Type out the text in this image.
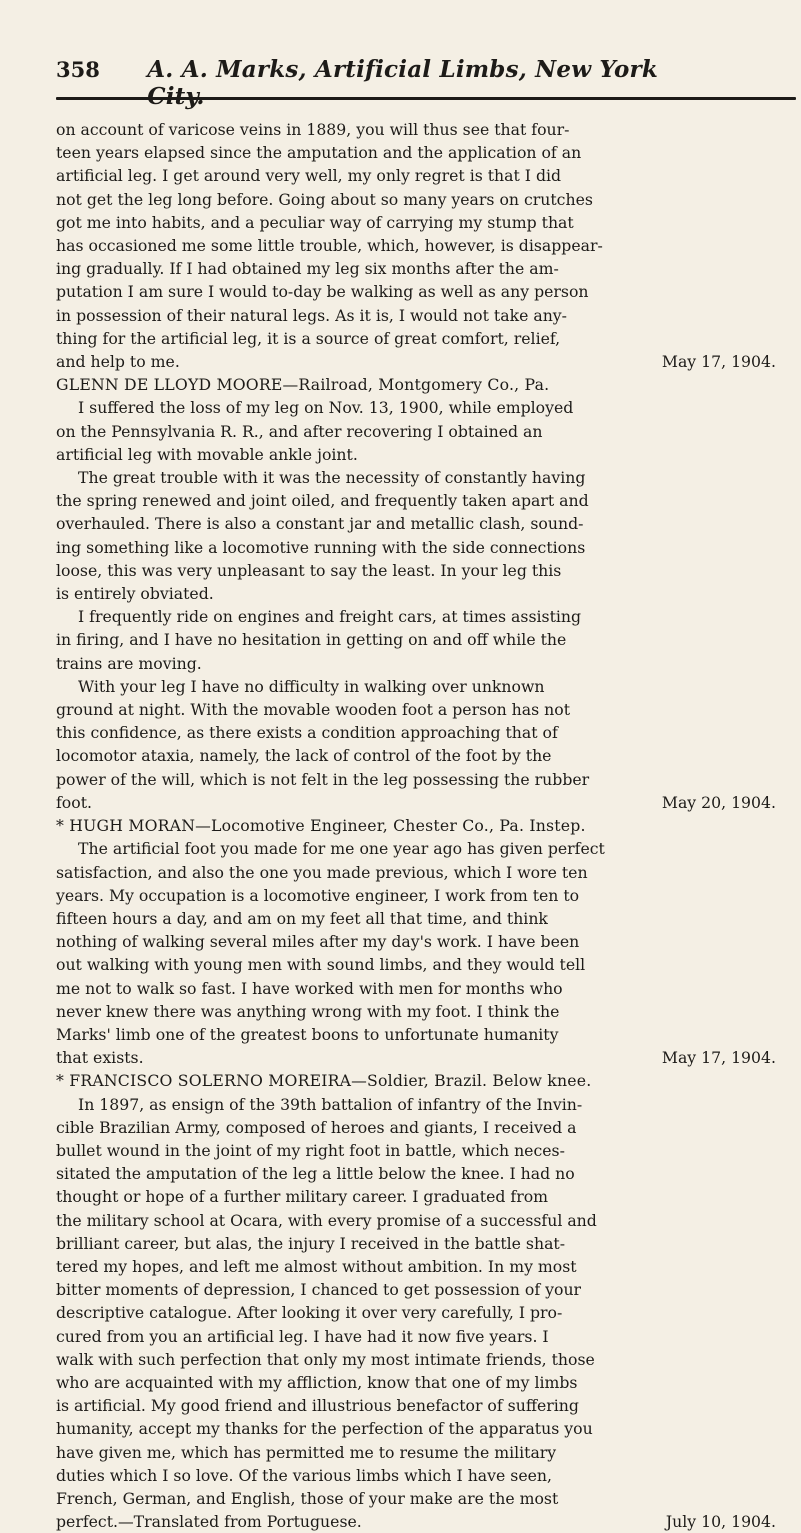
358	A. A. Marks, Artificial Limbs, New York

on account of varicose veins in 1889, you will thus see that four-
teen years elapsed since the amputation and the application of an
artificial leg. I get around very well, my only regret is that I did
not get the leg long before. Going about so many years on crutches
got me into habits, and a peculiar way of carrying my stump that
has occasioned me some little trouble, which, however, is disappear-
ing gradually. If I had obtained my leg six months after the am-
putation I am sure I would to-day be walking as well as any person
in possession of their natural legs. As it is, I would not take any-
thing for the artificial leg, it is a source of great comfort, relief,
and help to me.	May 17, 1904.

GLENN DE LLOYD MOORE—Railroad, Montgomery Co., Pa.
I suffered the loss of my leg on Nov. 13, 1900, while employed
on the Pennsylvania R. R., and after recovering I obtained an
artificial leg with movable ankle joint.
The great trouble with it was the necessity of constantly having
the spring renewed and joint oiled, and frequently taken apart and
overhauled. There is also a constant jar and metallic clash, sound-
ing something like a locomotive running with the side connections
loose, this was very unpleasant to say the least. In your leg this
is entirely obviated.
I frequently ride on engines and freight cars, at times assisting
in firing, and I have no hesitation in getting on and off while the
trains are moving.
With your leg I have no difficulty in walking over unknown
ground at night. With the movable wooden foot a person has not
this confidence, as there exists a condition approaching that of
locomotor ataxia, namely, the lack of control of the foot by the
power of the will, which is not felt in the leg possessing the rubber
foot.	May 20, 1904.

* HUGH MORAN—Locomotive Engineer, Chester Co., Pa. Instep.
The artificial foot you made for me one year ago has given perfect
satisfaction, and also the one you made previous, which I wore ten
years. My occupation is a locomotive engineer, I work from ten to
fifteen hours a day, and am on my feet all that time, and think
nothing of walking several miles after my day's work. I have been
out walking with young men with sound limbs, and they would tell
me not to walk so fast. I have worked with men for months who
never knew there was anything wrong with my foot. I think the
Marks' limb one of the greatest boons to unfortunate humanity
that exists.	May 17, 1904.

* FRANCISCO SOLERNO MOREIRA—Soldier, Brazil. Below knee.
In 1897, as ensign of the 39th battalion of infantry of the Invin-
cible Brazilian Army, composed of heroes and giants, I received a
bullet wound in the joint of my right foot in battle, which neces-
sitated the amputation of the leg a little below the knee. I had no
thought or hope of a further military career. I graduated from
the military school at Ocara, with every promise of a successful and
brilliant career, but alas, the injury I received in the battle shat-
tered my hopes, and left me almost without ambition. In my most
bitter moments of depression, I chanced to get possession of your
descriptive catalogue. After looking it over very carefully, I pro-
cured from you an artificial leg. I have had it now five years. I
walk with such perfection that only my most intimate friends, those
who are acquainted with my affliction, know that one of my limbs
is artificial. My good friend and illustrious benefactor of suffering
humanity, accept my thanks for the perfection of the apparatus you
have given me, which has permitted me to resume the military
duties which I so love. Of the various limbs which I have seen,
French, German, and English, those of your make are the most
perfect.—Translated from Portuguese.	July 10, 1904.
